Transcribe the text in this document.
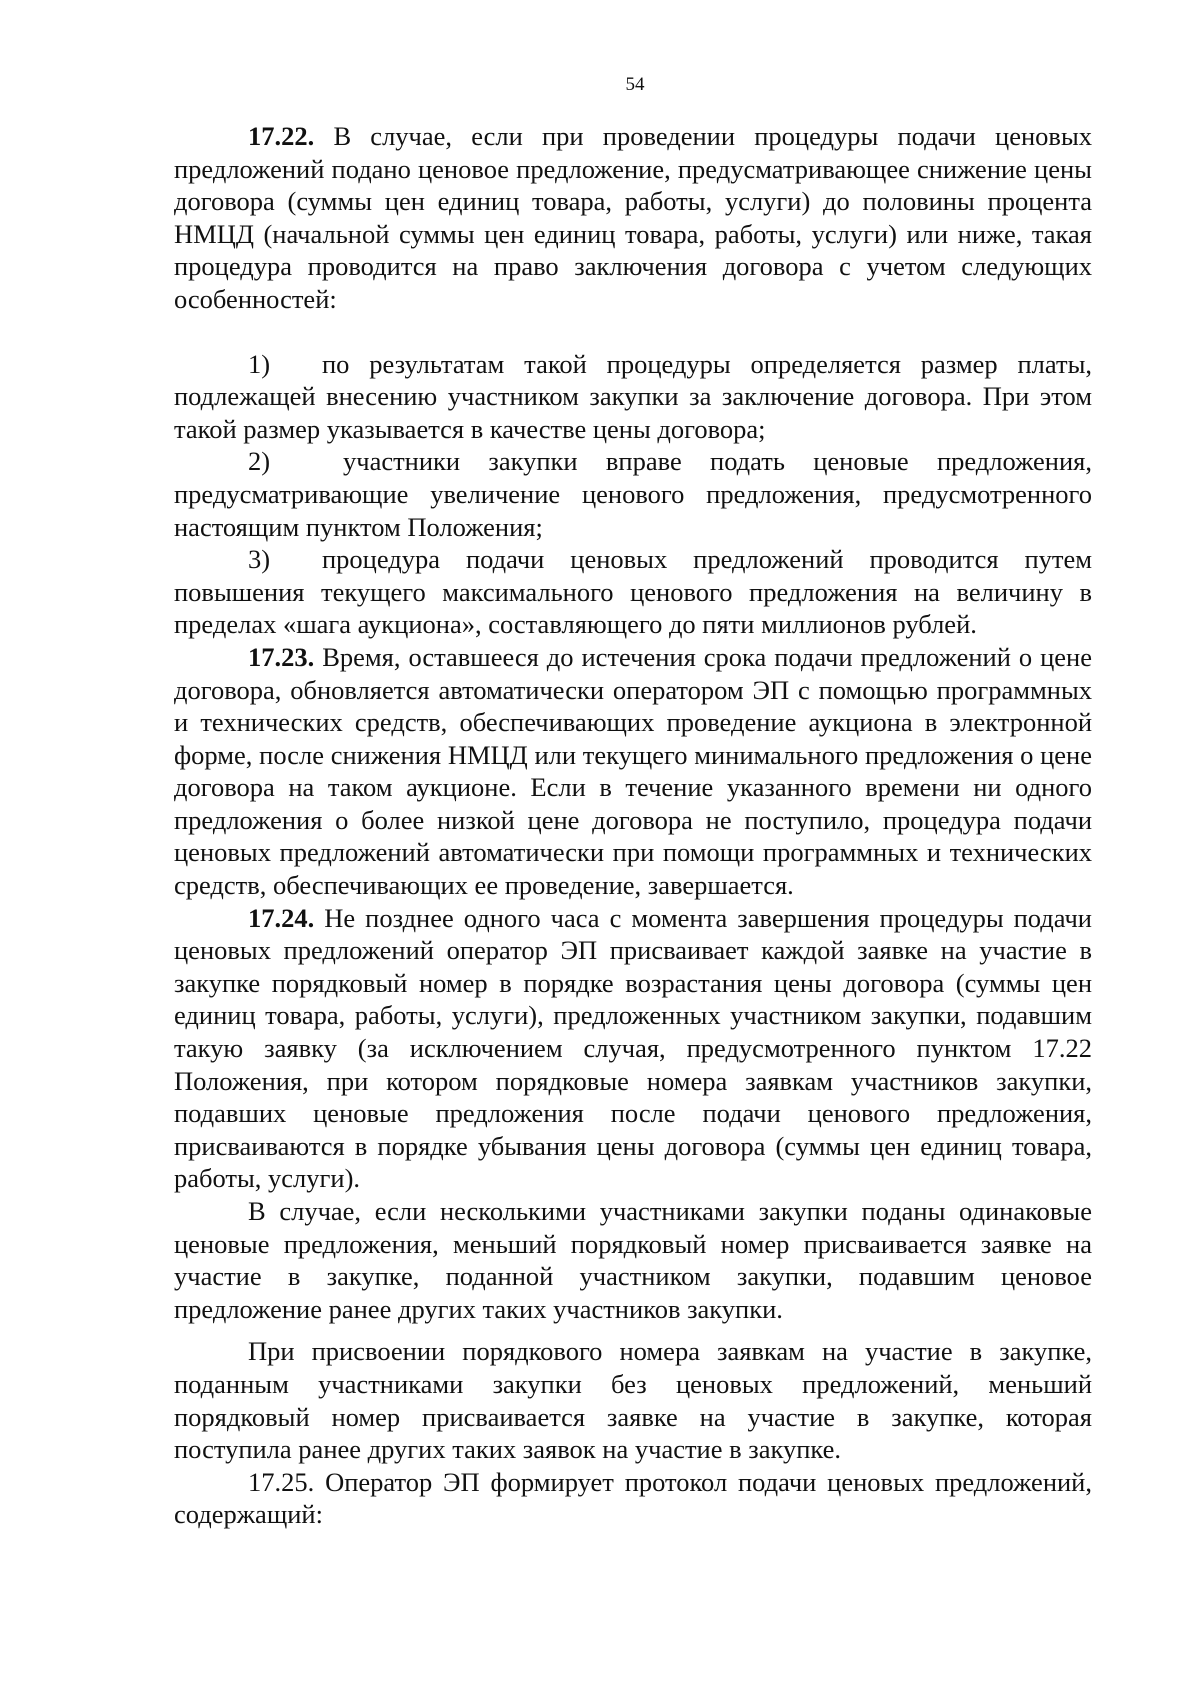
54

17.22. В случае, если при проведении процедуры подачи ценовых предложений подано ценовое предложение, предусматривающее снижение цены договора (суммы цен единиц товара, работы, услуги) до половины процента НМЦД (начальной суммы цен единиц товара, работы, услуги) или ниже, такая процедура проводится на право заключения договора с учетом следующих особенностей:

1) по результатам такой процедуры определяется размер платы, подлежащей внесению участником закупки за заключение договора. При этом такой размер указывается в качестве цены договора;

2)	участники закупки вправе подать ценовые предложения, предусматривающие увеличение ценового предложения, предусмотренного настоящим пунктом Положения;

3) процедура подачи ценовых предложений проводится путем повышения текущего максимального ценового предложения на величину в пределах «шага аукциона», составляющего до пяти миллионов рублей.

17.23. Время, оставшееся до истечения срока подачи предложений о цене договора, обновляется автоматически оператором ЭП с помощью программных и технических средств, обеспечивающих проведение аукциона в электронной форме, после снижения НМЦД или текущего минимального предложения о цене договора на таком аукционе. Если в течение указанного времени ни одного предложения о более низкой цене договора не поступило, процедура подачи ценовых предложений автоматически при помощи программных и технических средств, обеспечивающих ее проведение, завершается.

17.24. Не позднее одного часа с момента завершения процедуры подачи ценовых предложений оператор ЭП присваивает каждой заявке на участие в закупке порядковый номер в порядке возрастания цены договора (суммы цен единиц товара, работы, услуги), предложенных участником закупки, подавшим такую заявку (за исключением случая, предусмотренного пунктом 17.22 Положения, при котором порядковые номера заявкам участников закупки, подавших ценовые предложения после подачи ценового предложения, присваиваются в порядке убывания цены договора (суммы цен единиц товара, работы, услуги).

В случае, если несколькими участниками закупки поданы одинаковые ценовые предложения, меньший порядковый номер присваивается заявке на участие в закупке, поданной участником закупки, подавшим ценовое предложение ранее других таких участников закупки.

При присвоении порядкового номера заявкам на участие в закупке, поданным участниками закупки без ценовых предложений, меньший порядковый номер присваивается заявке на участие в закупке, которая поступила ранее других таких заявок на участие в закупке.

17.25. Оператор ЭП формирует протокол подачи ценовых предложений, содержащий:
